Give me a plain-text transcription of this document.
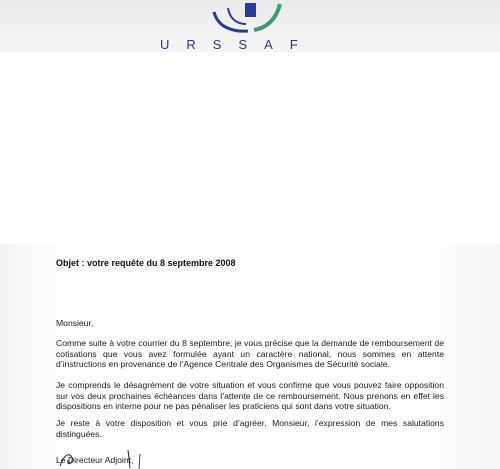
URSSAF
Objet : votre requête du 8 septembre 2008

Monsieur,

Comme suite à votre courrier du 8 septembre, je vous précise que la demande de remboursement de cotisations que vous avez formulée ayant un caractère national, nous sommes en attente d’instructions en provenance de l’Agence Centrale des Organismes de Sécurité sociale.

Je comprends le désagrément de votre situation et vous confirme que vous pouvez faire opposition sur vos deux prochaines échéances dans l’attente de ce remboursement. Nous prenons en effet les dispositions en interne pour ne pas pénaliser les praticiens qui sont dans votre situation.

Je reste à votre disposition et vous prie d’agréer, Monsieur, l’expression de mes salutations distinguées.

Le Directeur Adjoint,
